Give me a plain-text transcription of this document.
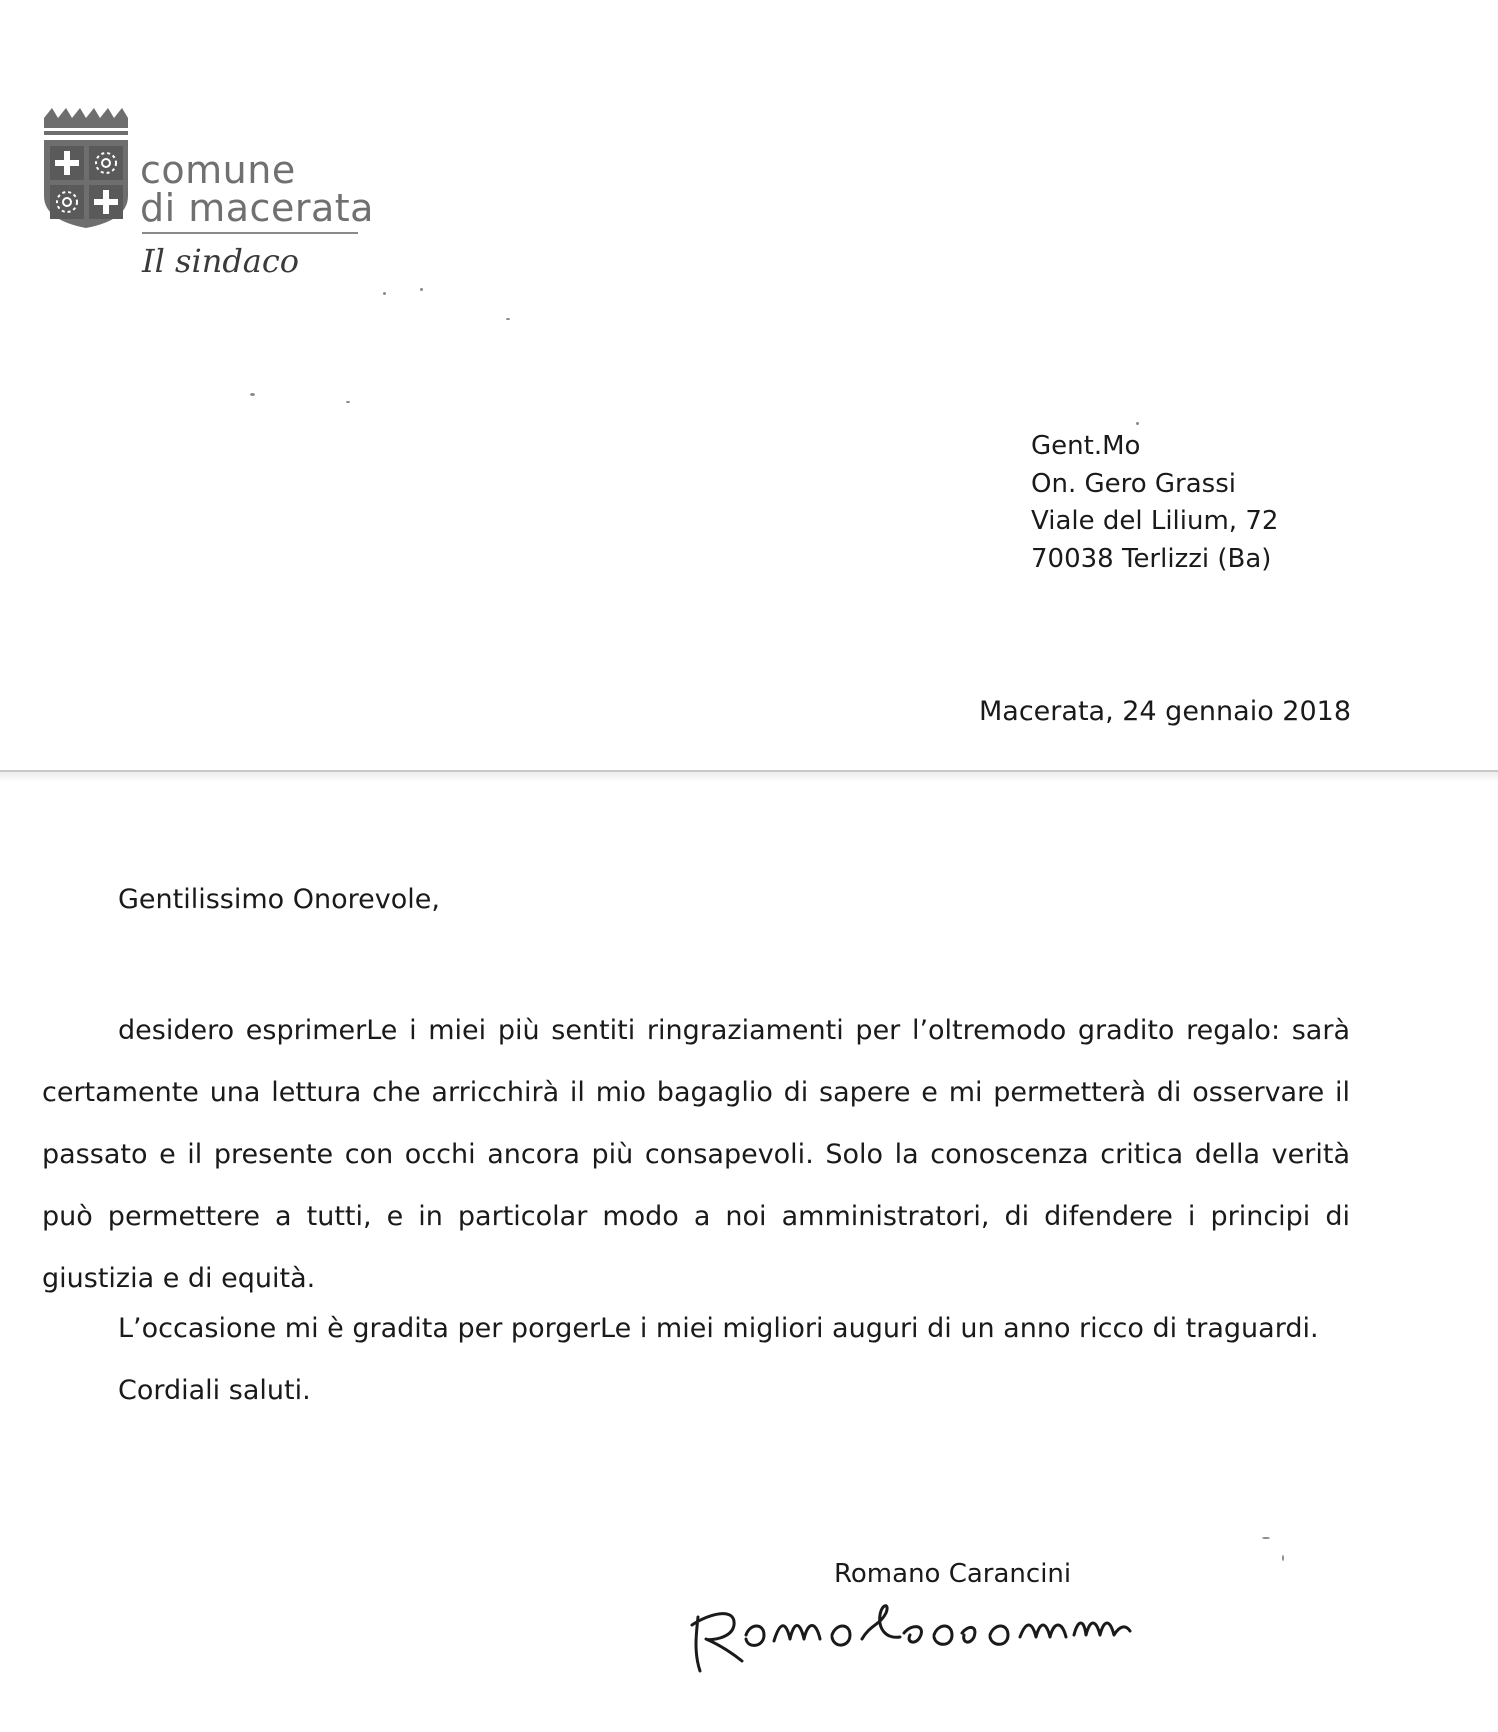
comune
di macerata
Il sindaco
Gent.Mo
On. Gero Grassi
Viale del Lilium, 72
70038 Terlizzi (Ba)
Macerata, 24 gennaio 2018
Gentilissimo Onorevole,
desidero esprimerLe i miei più sentiti ringraziamenti per l’oltremodo gradito regalo: sarà certamente una lettura che arricchirà il mio bagaglio di sapere e mi permetterà di osservare il passato e il presente con occhi ancora più consapevoli. Solo la conoscenza critica della verità può permettere a tutti, e in particolar modo a noi amministratori, di difendere i principi di giustizia e di equità.
L’occasione mi è gradita per porgerLe i miei migliori auguri di un anno ricco di traguardi.
Cordiali saluti.
Romano Carancini
